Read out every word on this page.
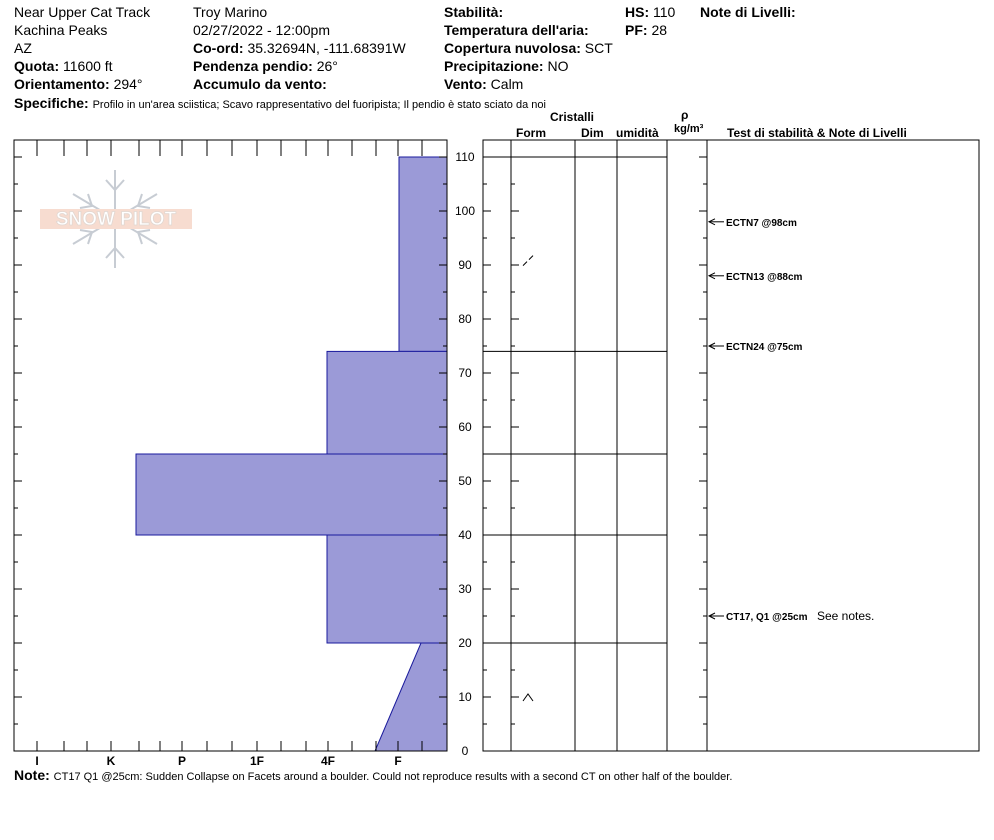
Near Upper Cat Track
Kachina Peaks
AZ
Quota: 11600 ft
Orientamento: 294°
Specifiche: Profilo in un'area sciistica; Scavo rappresentativo del fuoripista; Il pendio è stato sciato da noi
Troy Marino
02/27/2022 - 12:00pm
Co-ord: 35.32694N, -111.68391W
Pendenza pendio: 26°
Accumulo da vento:
Stabilità:
Temperatura dell'aria:
Copertura nuvolosa: SCT
Precipitazione: NO
Vento: Calm
HS: 110
PF: 28
Note di Livelli:
Cristalli
Form	Dim umidità
ρ
kg/m³ Test di stabilità & Note di Livelli
Note: CT17 Q1 @25cm: Sudden Collapse on Facets around a boulder. Could not reproduce results with a second CT on other half of the boulder.
SNOW PILOT
I	K	P	1F	4F	F
0
10
20
30
40
50
60
70
80
90
100
110
ECTN7 @98cm
ECTN13 @88cm
ECTN24 @75cm
CT17, Q1 @25cm See notes.
